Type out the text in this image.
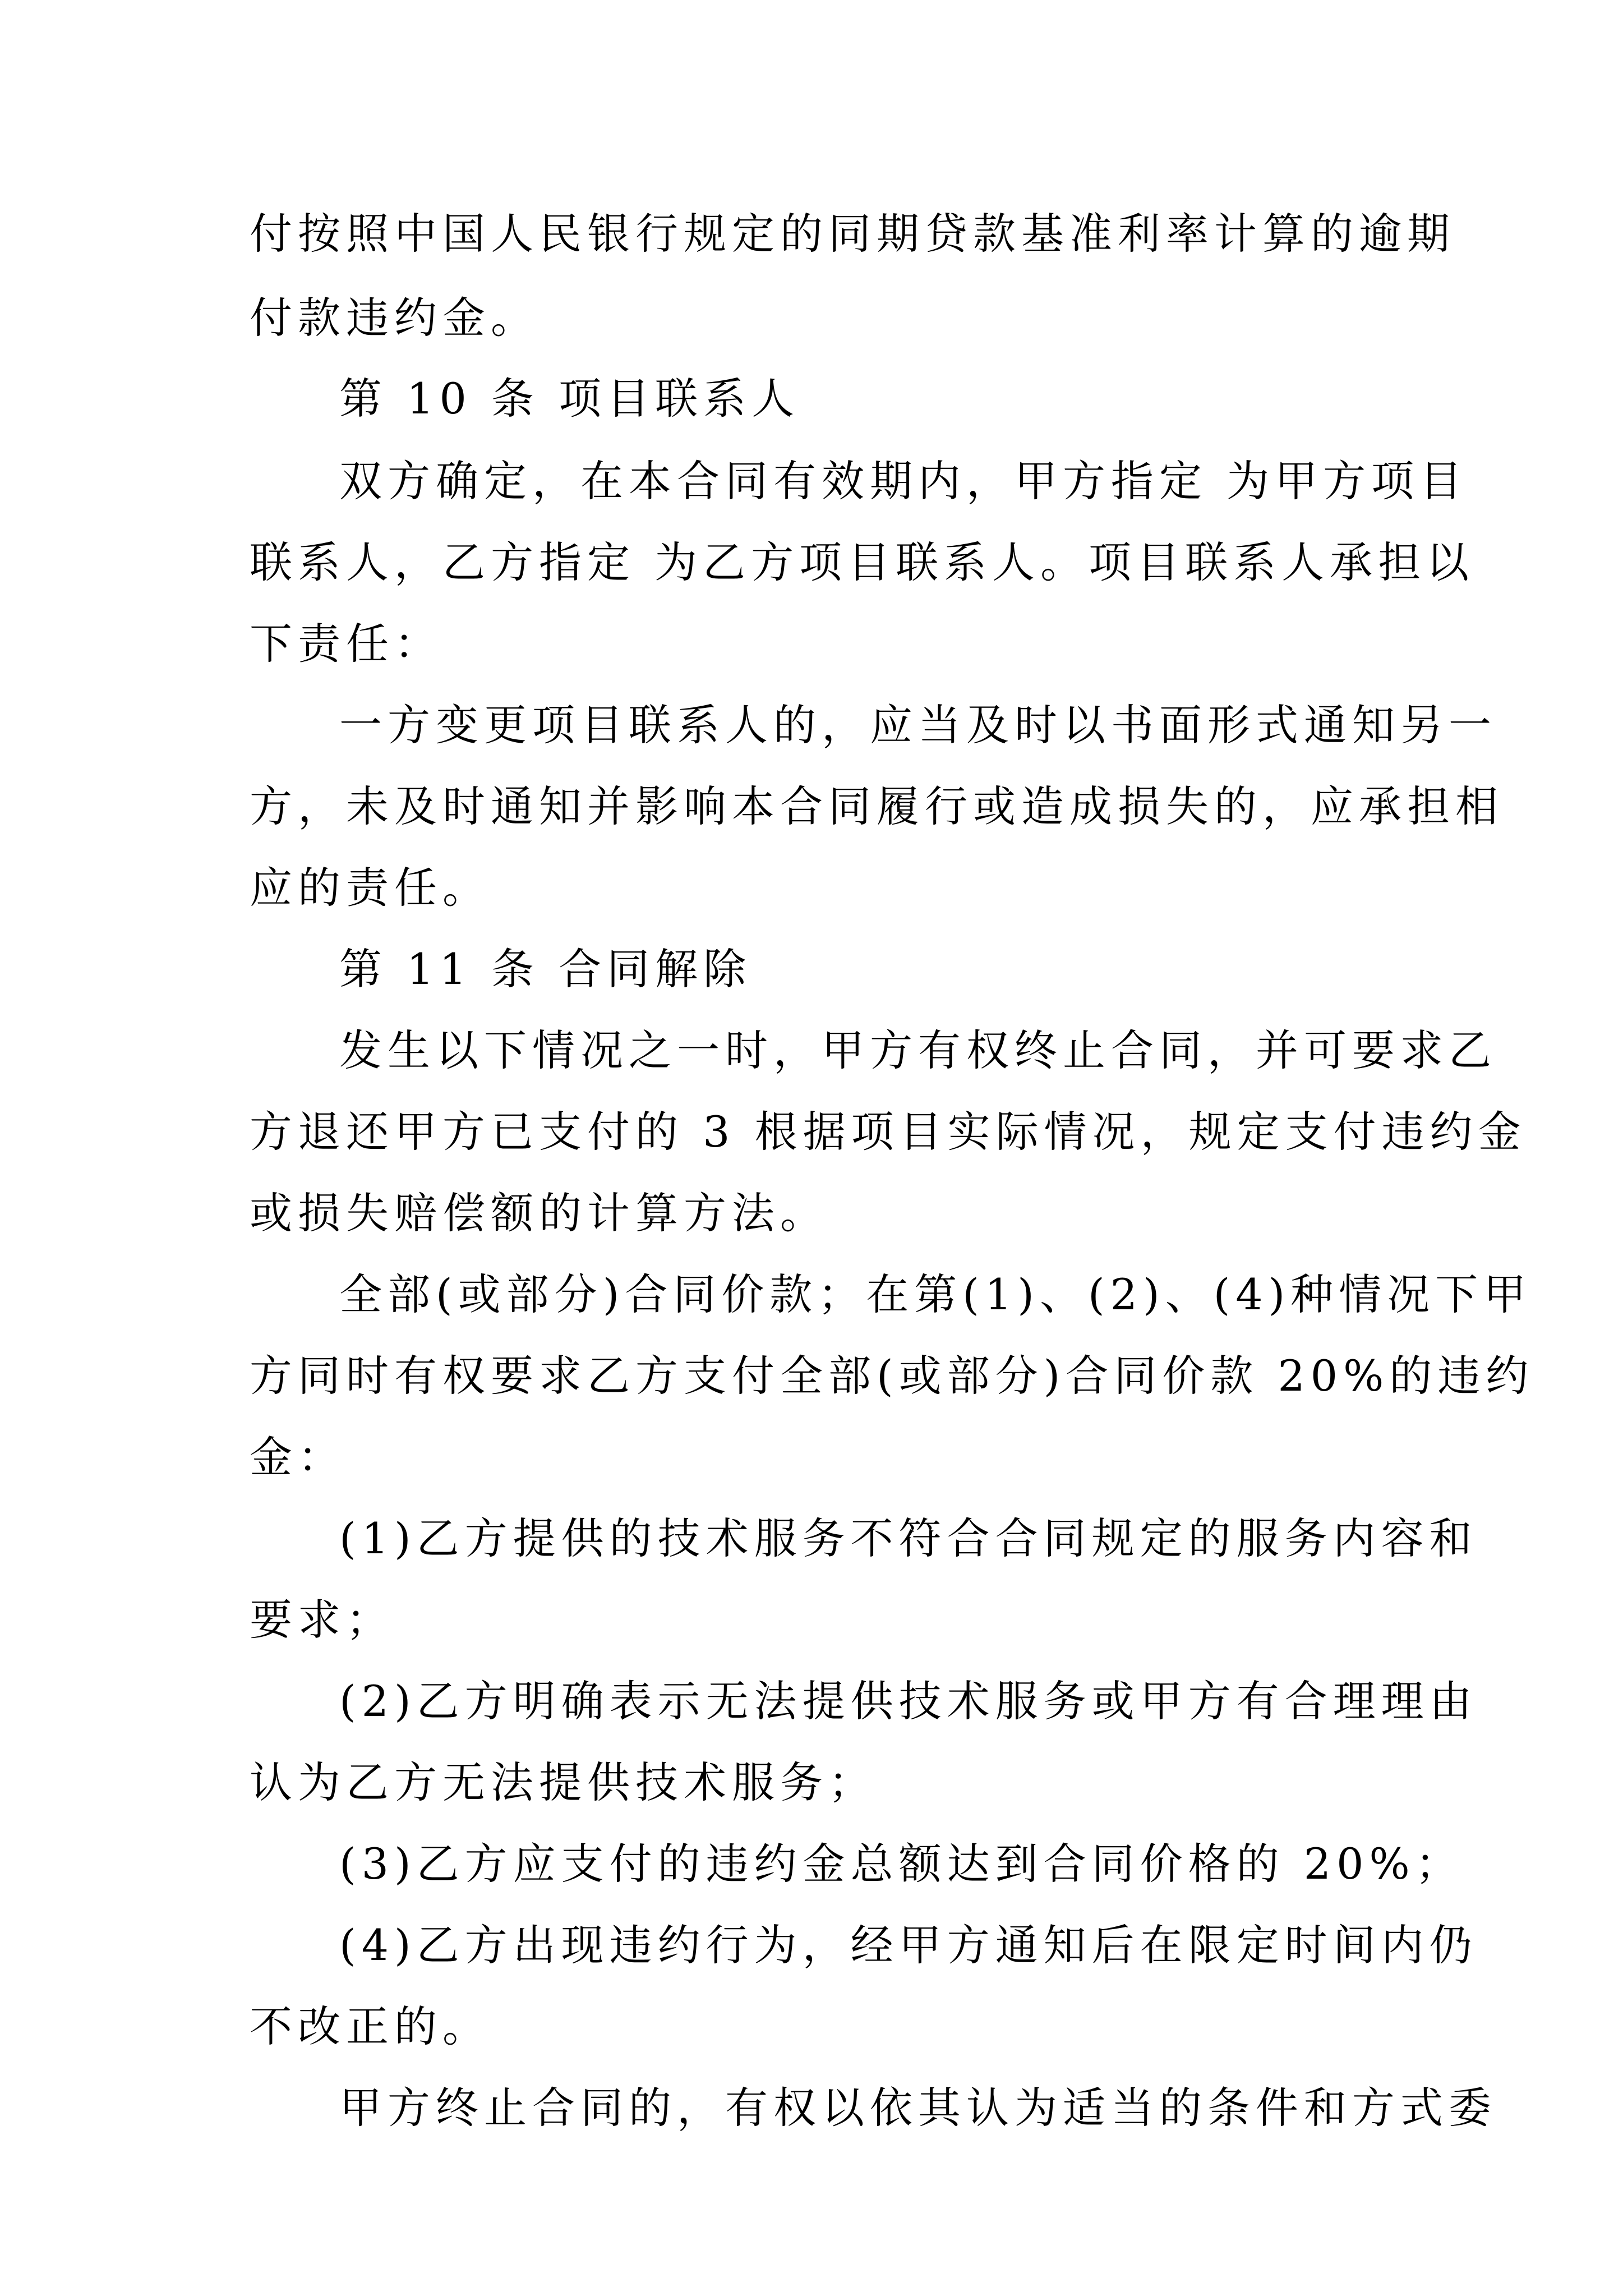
付按照中国人民银行规定的同期贷款基准利率计算的逾期
付款违约金。
第 10 条 项目联系人
双方确定，在本合同有效期内，甲方指定 为甲方项目
联系人，乙方指定 为乙方项目联系人。项目联系人承担以
下责任：
一方变更项目联系人的，应当及时以书面形式通知另一
方，未及时通知并影响本合同履行或造成损失的，应承担相
应的责任。
第 11 条 合同解除
发生以下情况之一时，甲方有权终止合同，并可要求乙
方退还甲方已支付的 3 根据项目实际情况，规定支付违约金
或损失赔偿额的计算方法。
全部(或部分)合同价款；在第(1)、(2)、(4)种情况下甲
方同时有权要求乙方支付全部(或部分)合同价款 20%的违约
金：
(1)乙方提供的技术服务不符合合同规定的服务内容和
要求；
(2)乙方明确表示无法提供技术服务或甲方有合理理由
认为乙方无法提供技术服务；
(3)乙方应支付的违约金总额达到合同价格的 20%；
(4)乙方出现违约行为，经甲方通知后在限定时间内仍
不改正的。
甲方终止合同的，有权以依其认为适当的条件和方式委
